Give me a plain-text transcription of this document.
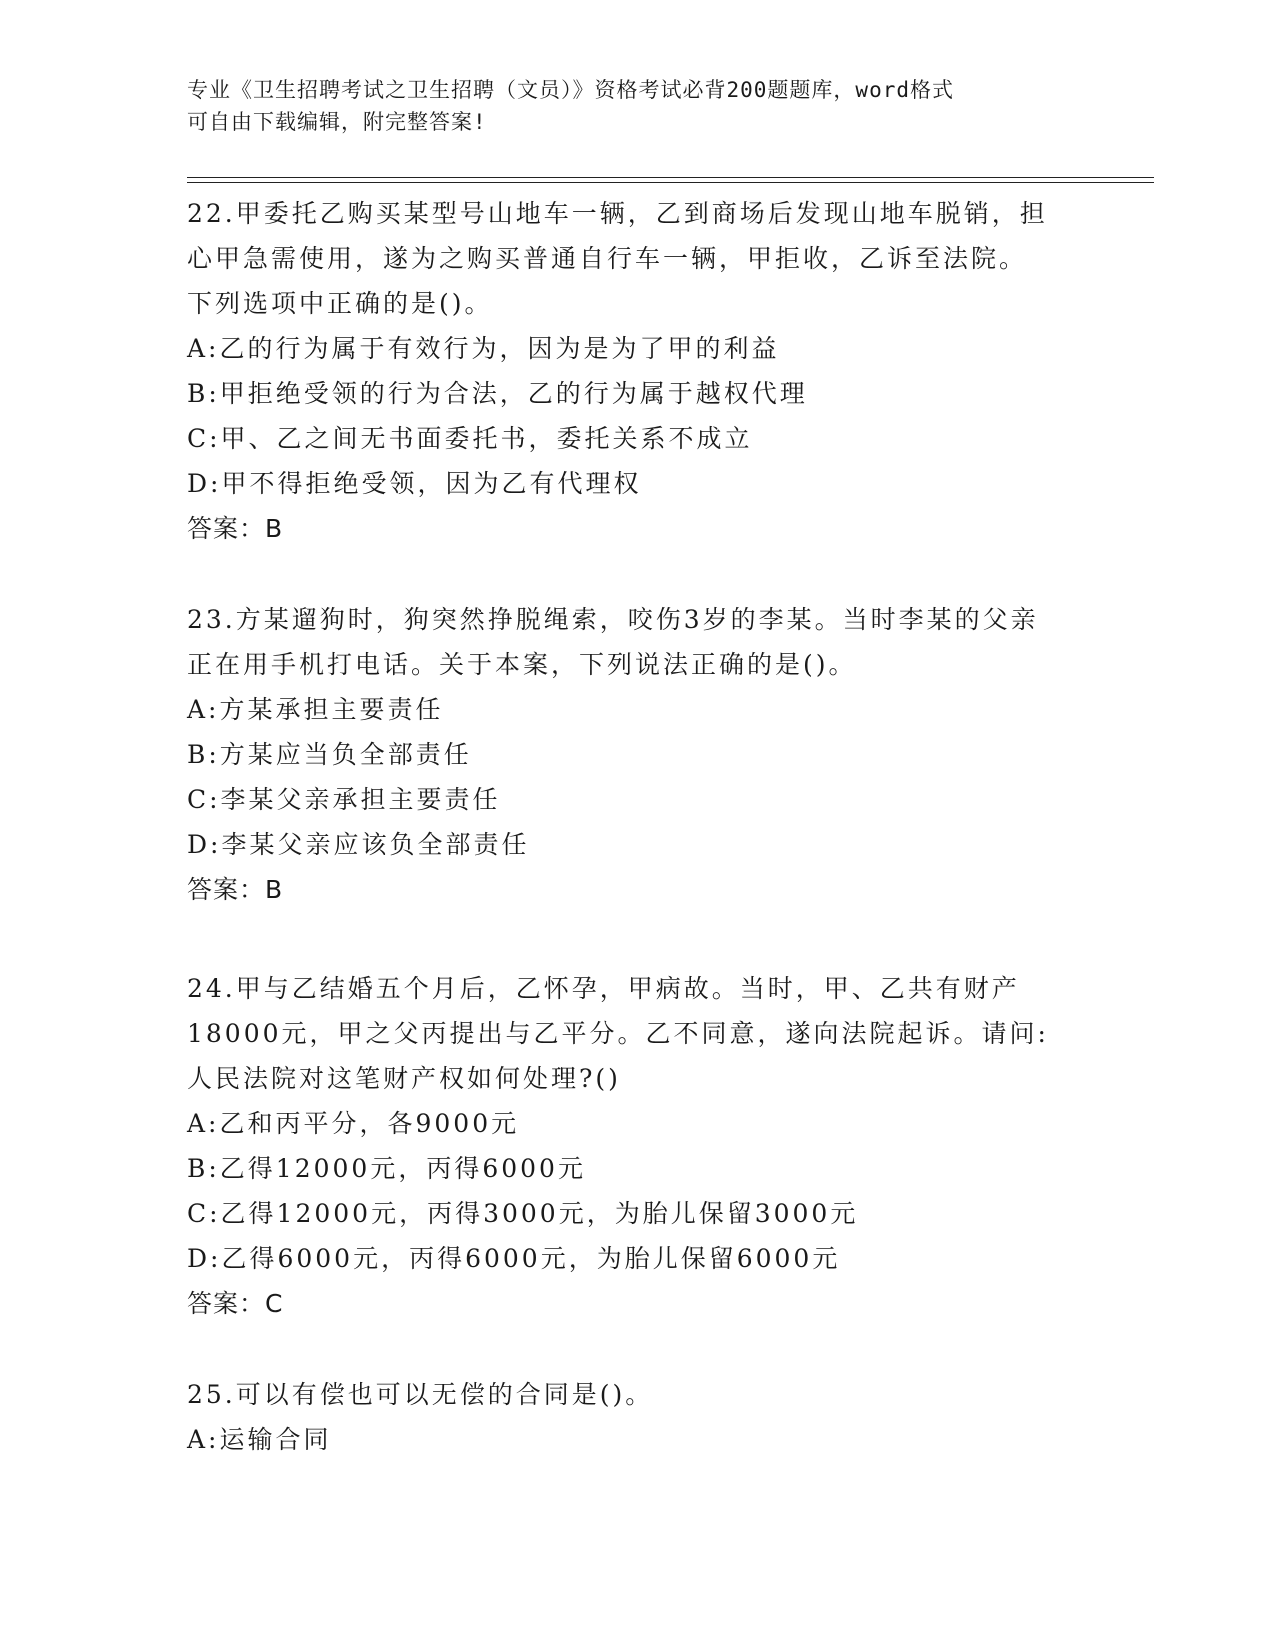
专业《卫生招聘考试之卫生招聘（文员）》资格考试必背200题题库，word格式
可自由下载编辑，附完整答案!
22.甲委托乙购买某型号山地车一辆，乙到商场后发现山地车脱销，担
心甲急需使用，遂为之购买普通自行车一辆，甲拒收，乙诉至法院。
下列选项中正确的是()。
A:乙的行为属于有效行为，因为是为了甲的利益
B:甲拒绝受领的行为合法，乙的行为属于越权代理
C:甲、乙之间无书面委托书，委托关系不成立
D:甲不得拒绝受领，因为乙有代理权
答案：B
23.方某遛狗时，狗突然挣脱绳索，咬伤3岁的李某。当时李某的父亲
正在用手机打电话。关于本案，下列说法正确的是()。
A:方某承担主要责任
B:方某应当负全部责任
C:李某父亲承担主要责任
D:李某父亲应该负全部责任
答案：B
24.甲与乙结婚五个月后，乙怀孕，甲病故。当时，甲、乙共有财产
18000元，甲之父丙提出与乙平分。乙不同意，遂向法院起诉。请问:
人民法院对这笔财产权如何处理?()
A:乙和丙平分，各9000元
B:乙得12000元，丙得6000元
C:乙得12000元，丙得3000元，为胎儿保留3000元
D:乙得6000元，丙得6000元，为胎儿保留6000元
答案：C
25.可以有偿也可以无偿的合同是()。
A:运输合同
